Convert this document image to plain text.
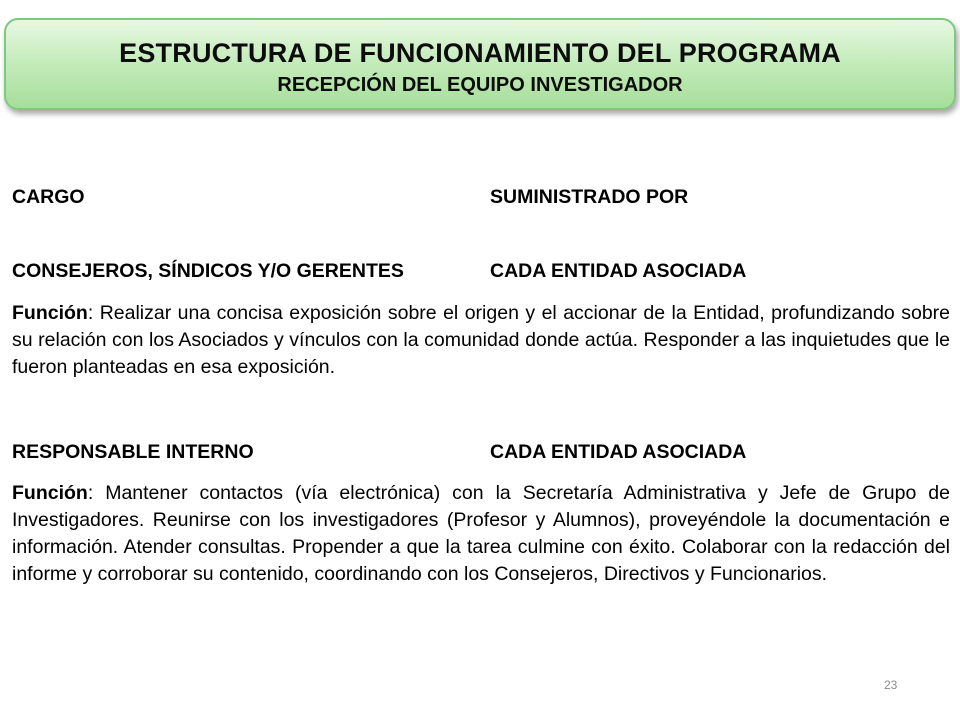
ESTRUCTURA DE FUNCIONAMIENTO DEL PROGRAMA
RECEPCIÓN DEL EQUIPO INVESTIGADOR
CARGO	SUMINISTRADO POR
CONSEJEROS, SÍNDICOS Y/O GERENTES	CADA ENTIDAD ASOCIADA
Función: Realizar una concisa exposición sobre el origen y el accionar de la Entidad, profundizando sobre su relación con los Asociados y vínculos con la comunidad donde actúa. Responder a las inquietudes que le fueron planteadas en esa exposición.
RESPONSABLE INTERNO	CADA ENTIDAD ASOCIADA
Función: Mantener contactos (vía electrónica) con la Secretaría Administrativa y Jefe de Grupo de Investigadores. Reunirse con los investigadores (Profesor y Alumnos), proveyéndole la documentación e información. Atender consultas. Propender a que la tarea culmine con éxito. Colaborar con la redacción del informe y corroborar su contenido, coordinando con los Consejeros, Directivos y Funcionarios.
23
